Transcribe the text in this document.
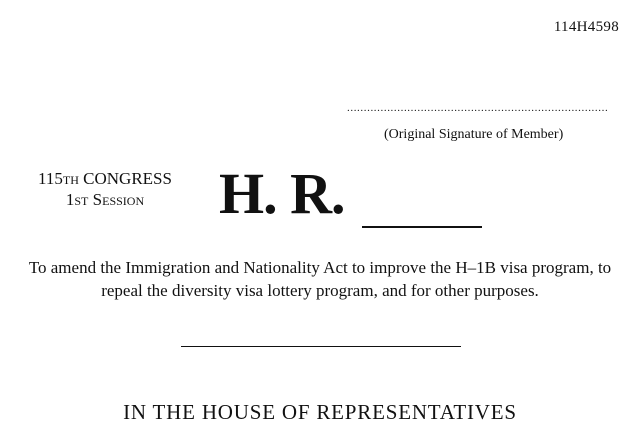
114H4598
..............................................................................
(Original Signature of Member)
115TH CONGRESS
1ST SESSION	H. R.
To amend the Immigration and Nationality Act to improve the H–1B visa program, to repeal the diversity visa lottery program, and for other purposes.
IN THE HOUSE OF REPRESENTATIVES
